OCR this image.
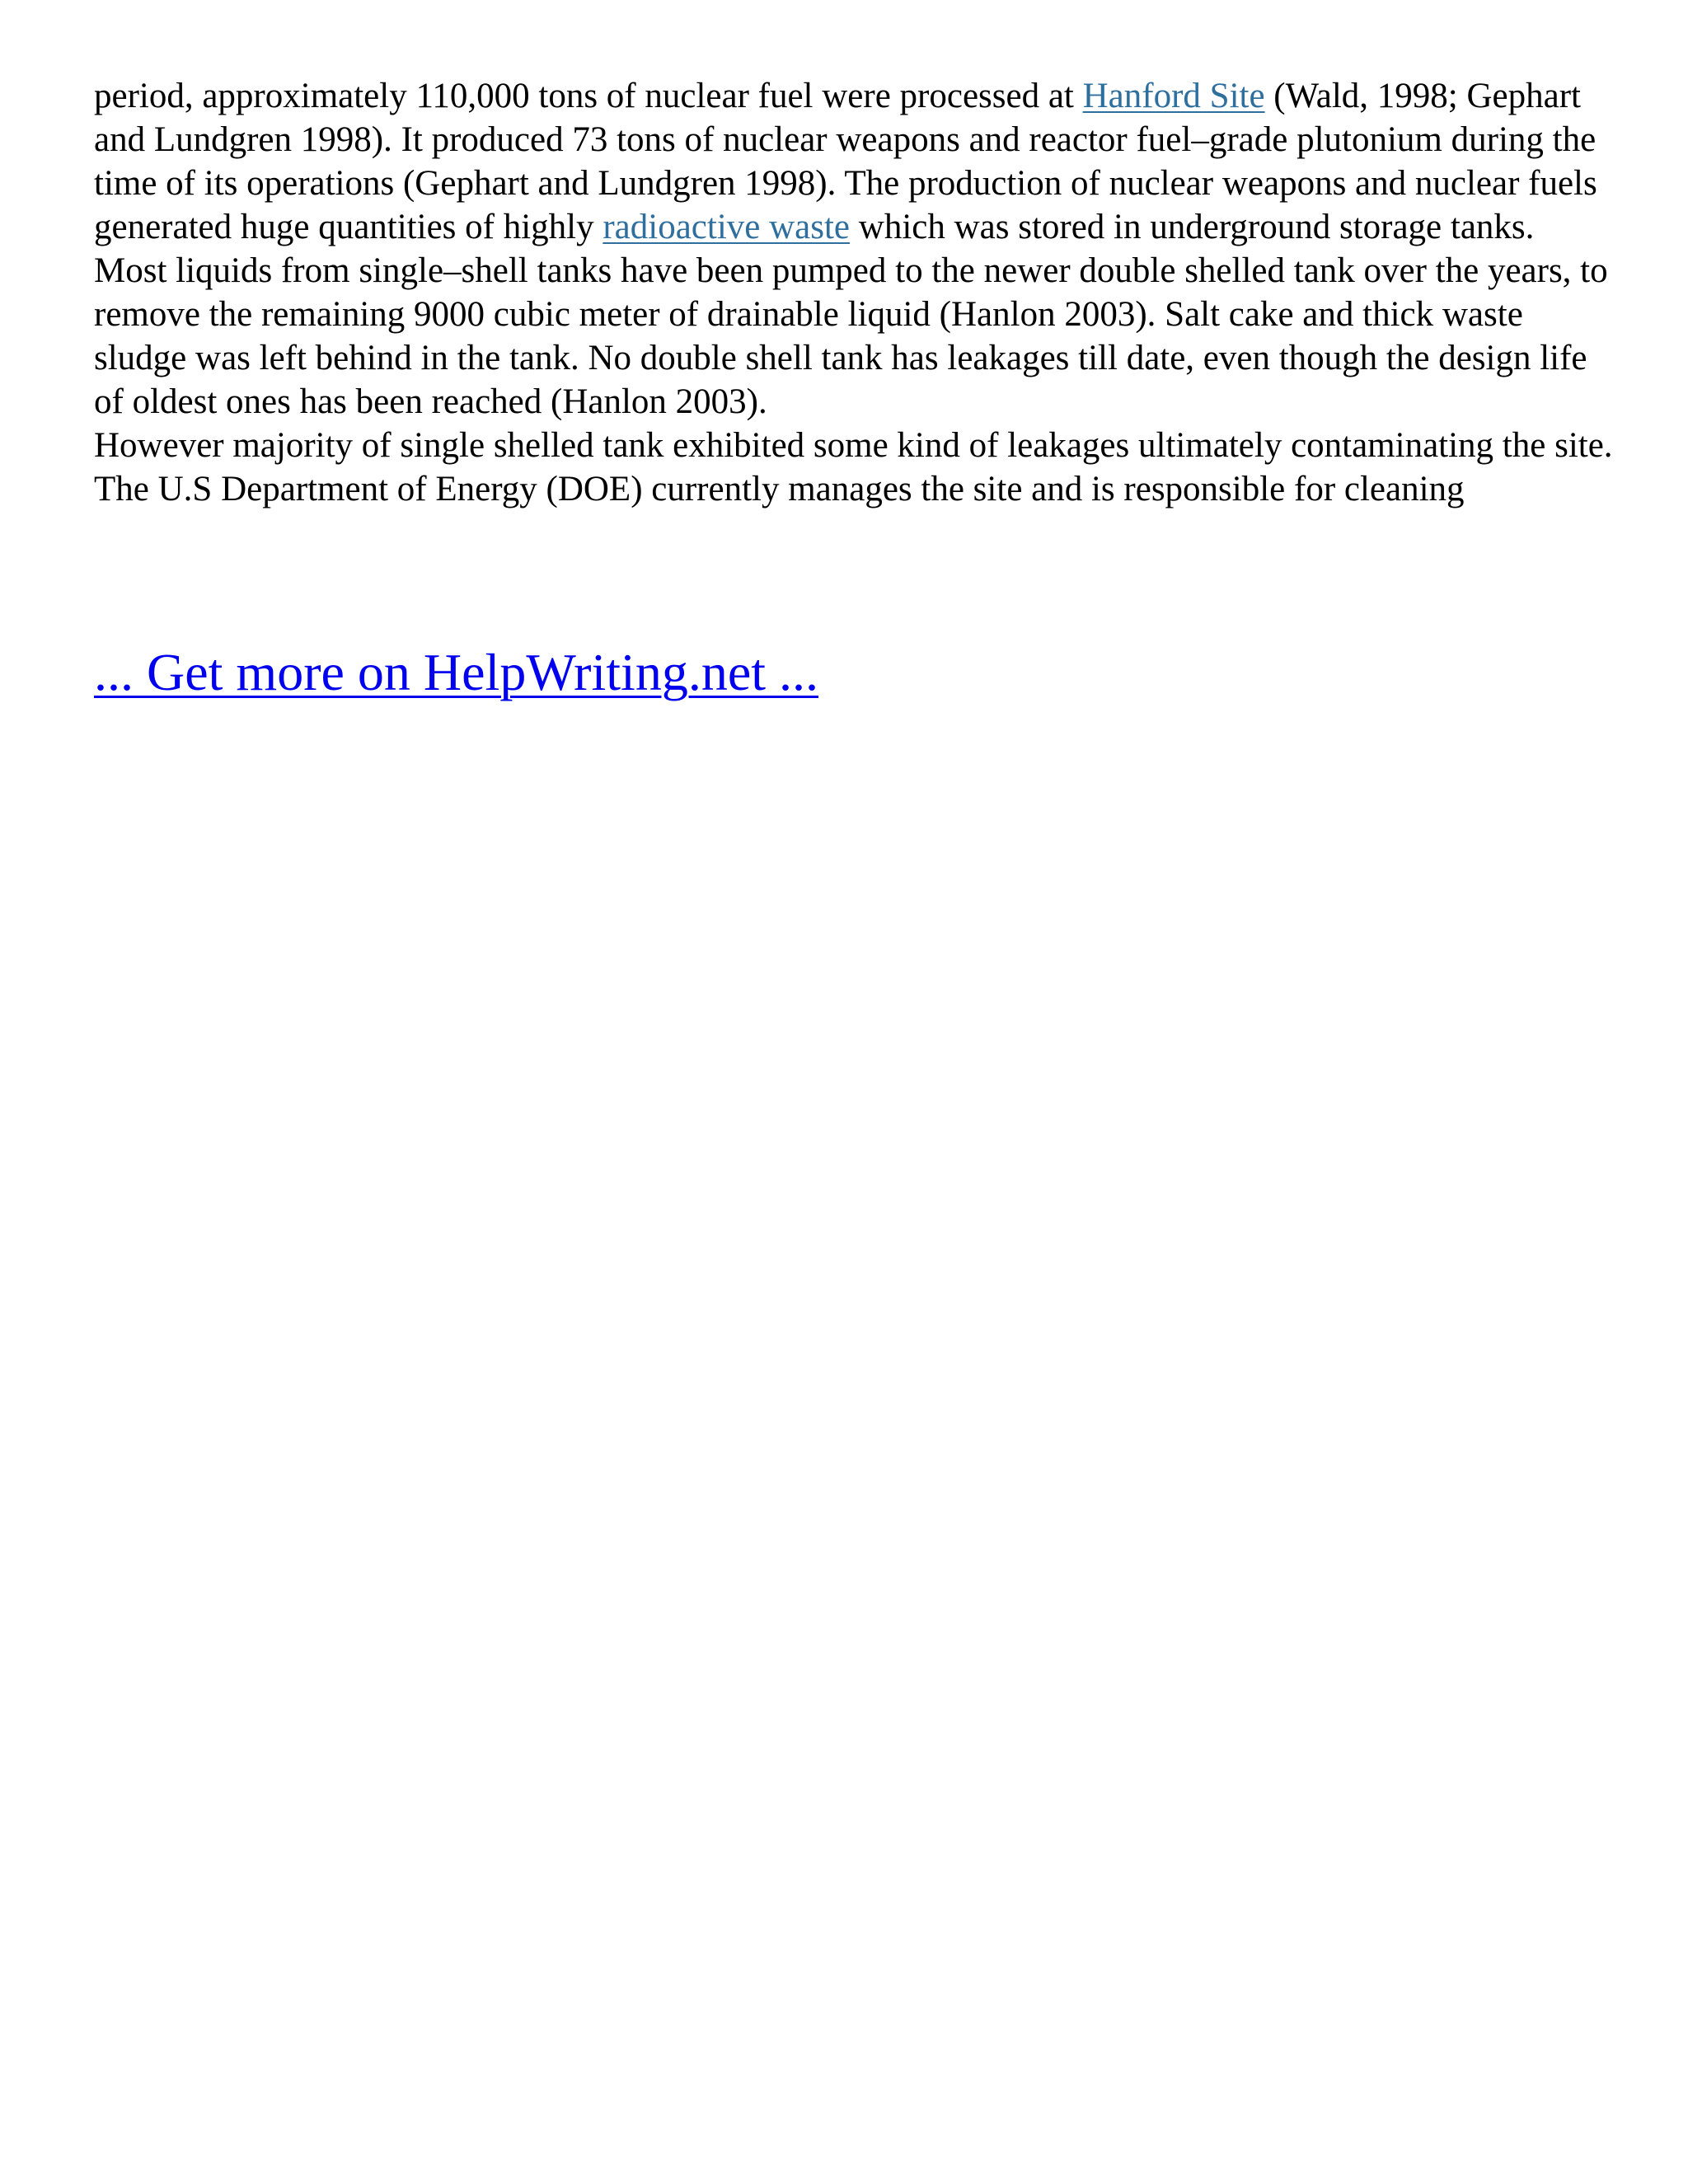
period, approximately 110,000 tons of nuclear fuel were processed at Hanford Site (Wald, 1998; Gephart and Lundgren 1998). It produced 73 tons of nuclear weapons and reactor fuel–grade plutonium during the time of its operations (Gephart and Lundgren 1998). The production of nuclear weapons and nuclear fuels generated huge quantities of highly radioactive waste which was stored in underground storage tanks.

Most liquids from single–shell tanks have been pumped to the newer double shelled tank over the years, to remove the remaining 9000 cubic meter of drainable liquid (Hanlon 2003). Salt cake and thick waste sludge was left behind in the tank. No double shell tank has leakages till date, even though the design life of oldest ones has been reached (Hanlon 2003).

However majority of single shelled tank exhibited some kind of leakages ultimately contaminating the site. The U.S Department of Energy (DOE) currently manages the site and is responsible for cleaning

... Get more on HelpWriting.net ...
